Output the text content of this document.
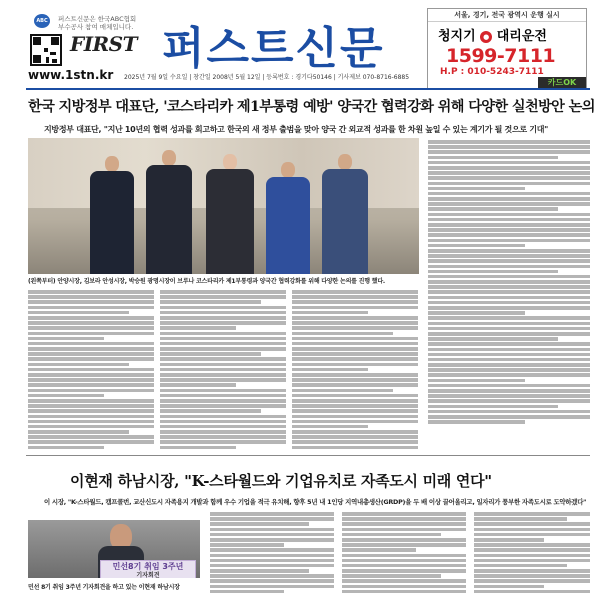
ABC	퍼스트신문은 한국ABC협회
부수공사 참여 매체입니다.
FIRST 퍼스트신문
서울, 경기, 전국 광역시 운행 실시
청지기 ● 대리운전
1599-7111
H.P : 010-5243-7111
카드OK
www.1stn.kr 2025년 7월 9일 수요일 | 창간일 2008년 5월 12일 | 등록번호 : 경기다50146 | 기사제보 070-8716-6885
한국 지방정부 대표단, '코스타리카 제1부통령 예방' 양국간 협력강화 위해 다양한 실천방안 논의
지방정부 대표단, "지난 10년의 협력 성과를 회고하고 한국의 새 정부 출범을 맞아 양국 간 외교적 성과를 한 차원 높일 수 있는 계기가 될 것으로 기대"
(왼쪽부터) 안양시장, 김보라 안성시장, 박승원 광명시장이 브루나 코스타리카 제1부통령과 양국간 협력강화를 위해 다양한 논의를 진행 했다.
이현재 하남시장, "K-스타월드와 기업유치로 자족도시 미래 연다"
이 시장, "K-스타월드, 캠프콜번, 교산신도시 자족용지 개발과 함께 우수 기업을 적극 유치해, 향후 5년 내 1인당 지역내총생산(GRDP)을 두 배 이상 끌어올리고, 일자리가 풍부한 자족도시로 도약하겠다"
민선8기 취임 3주년
기자회견
민선 8기 취임 3주년 기자회견을 하고 있는 이현재 하남시장
